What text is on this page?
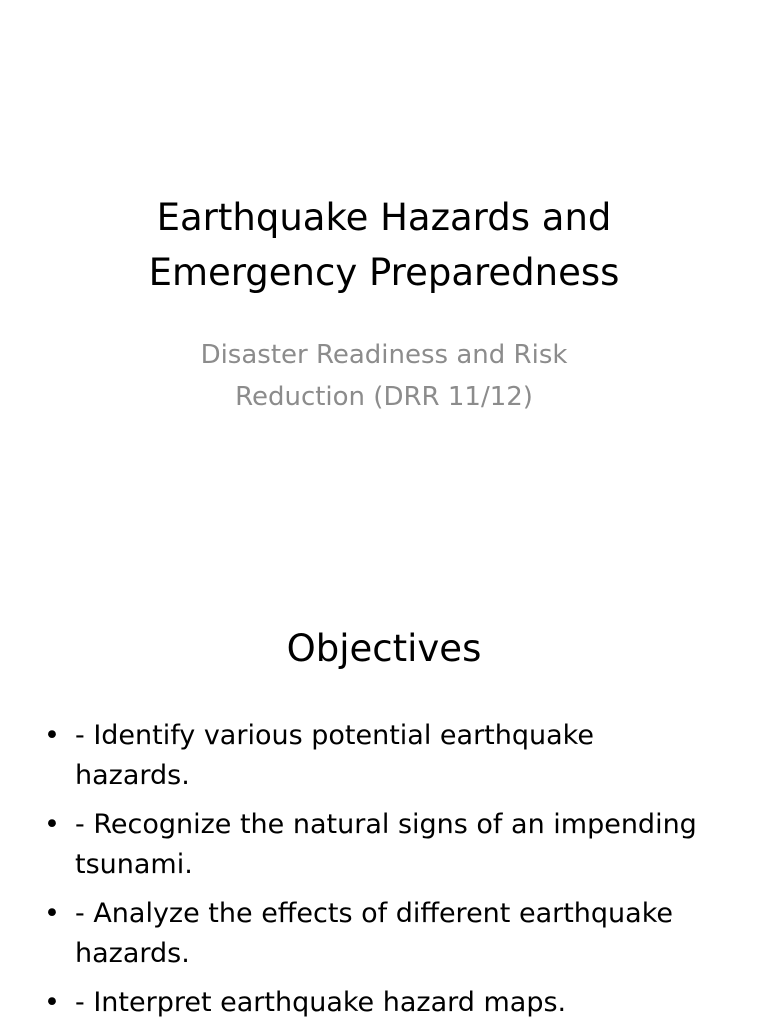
Earthquake Hazards and
Emergency Preparedness
Disaster Readiness and Risk
Reduction (DRR 11/12)
Objectives
• - Identify various potential earthquake
hazards.
• - Recognize the natural signs of an impending
tsunami.
• - Analyze the effects of different earthquake
hazards.
• - Interpret earthquake hazard maps.
